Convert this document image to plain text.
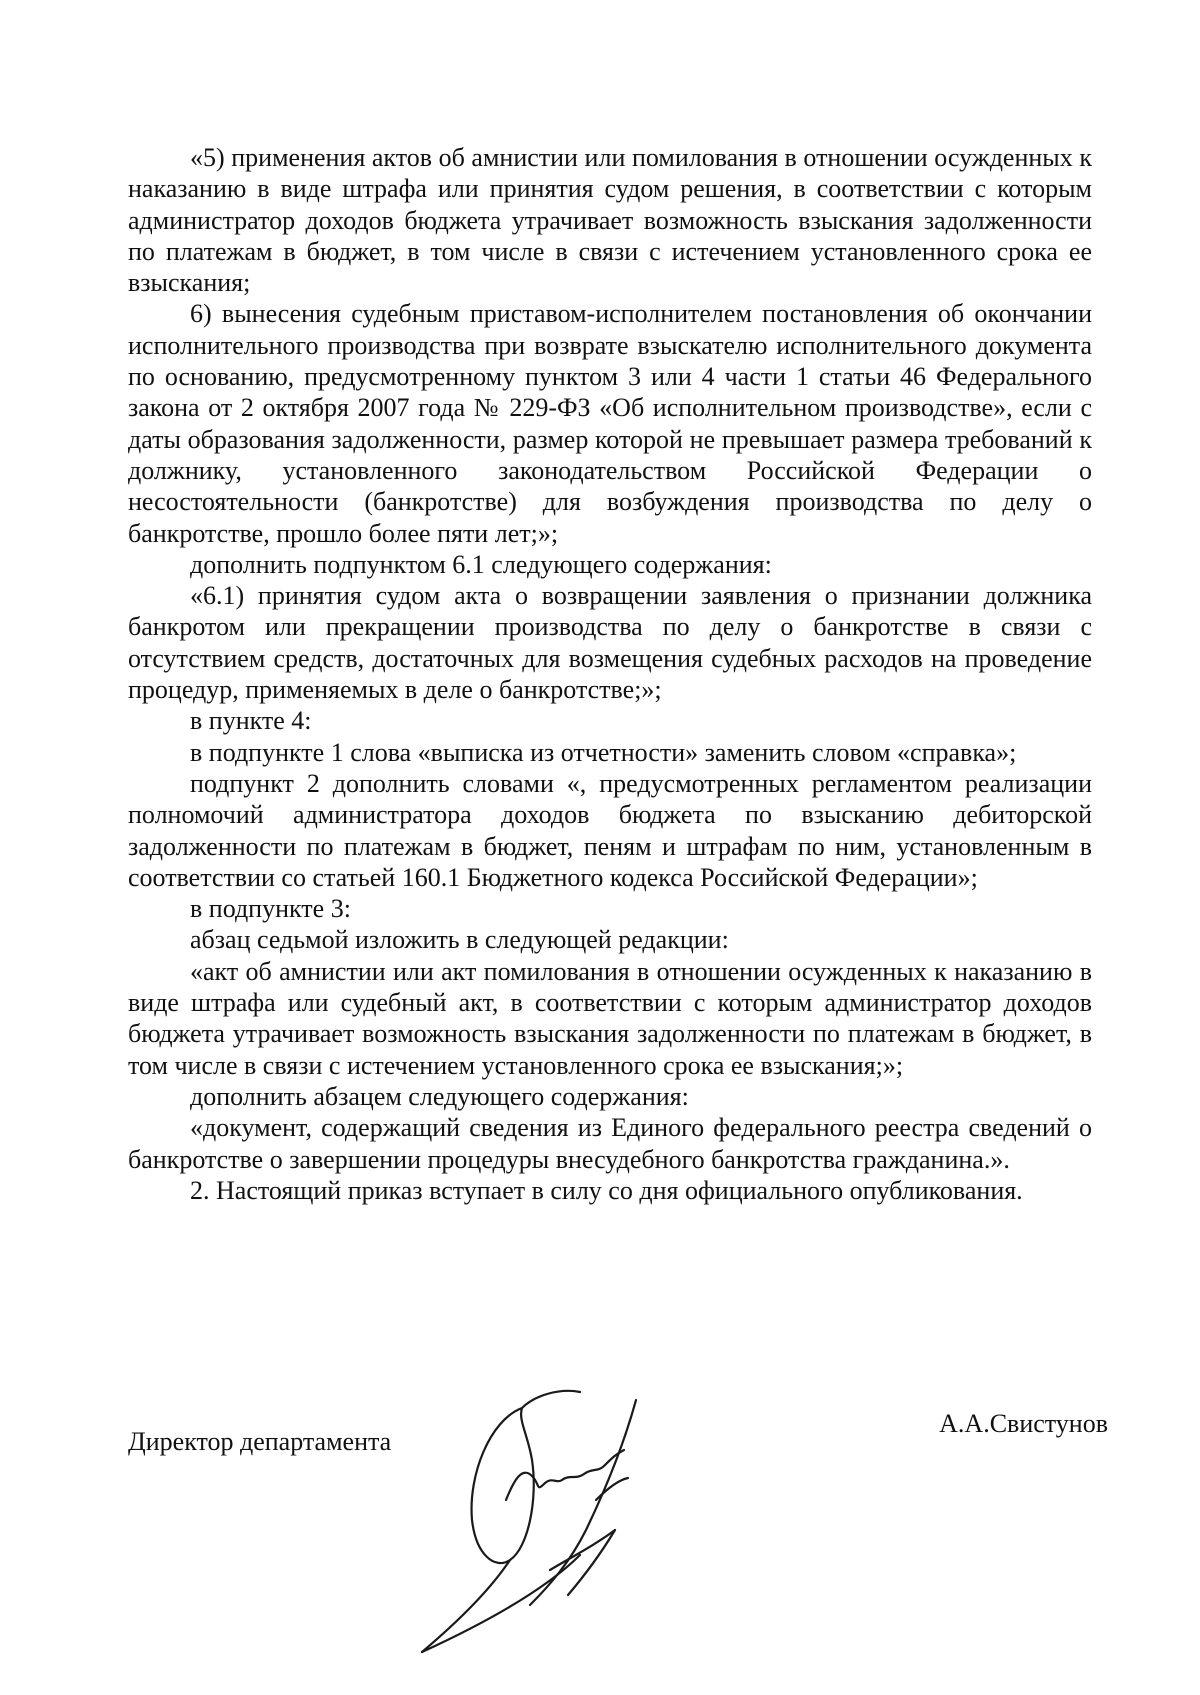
«5) применения актов об амнистии или помилования в отношении осужденных к наказанию в виде штрафа или принятия судом решения, в соответствии с которым администратор доходов бюджета утрачивает возможность взыскания задолженности по платежам в бюджет, в том числе в связи с истечением установленного срока ее взыскания;

6) вынесения судебным приставом-исполнителем постановления об окончании исполнительного производства при возврате взыскателю исполнительного документа по основанию, предусмотренному пунктом 3 или 4 части 1 статьи 46 Федерального закона от 2 октября 2007 года № 229-ФЗ «Об исполнительном производстве», если с даты образования задолженности, размер которой не превышает размера требований к должнику, установленного законодательством Российской Федерации о несостоятельности (банкротстве) для возбуждения производства по делу о банкротстве, прошло более пяти лет;»;

дополнить подпунктом 6.1 следующего содержания:

«6.1) принятия судом акта о возвращении заявления о признании должника банкротом или прекращении производства по делу о банкротстве в связи с отсутствием средств, достаточных для возмещения судебных расходов на проведение процедур, применяемых в деле о банкротстве;»;

в пункте 4:

в подпункте 1 слова «выписка из отчетности» заменить словом «справка»;

подпункт 2 дополнить словами «, предусмотренных регламентом реализации полномочий администратора доходов бюджета по взысканию дебиторской задолженности по платежам в бюджет, пеням и штрафам по ним, установленным в соответствии со статьей 160.1 Бюджетного кодекса Российской Федерации»;

в подпункте 3:

абзац седьмой изложить в следующей редакции:

«акт об амнистии или акт помилования в отношении осужденных к наказанию в виде штрафа или судебный акт, в соответствии с которым администратор доходов бюджета утрачивает возможность взыскания задолженности по платежам в бюджет, в том числе в связи с истечением установленного срока ее взыскания;»;

дополнить абзацем следующего содержания:

«документ, содержащий сведения из Единого федерального реестра сведений о банкротстве о завершении процедуры внесудебного банкротства гражданина.».

2. Настоящий приказ вступает в силу со дня официального опубликования.

Директор департамента
А.А.Свистунов
